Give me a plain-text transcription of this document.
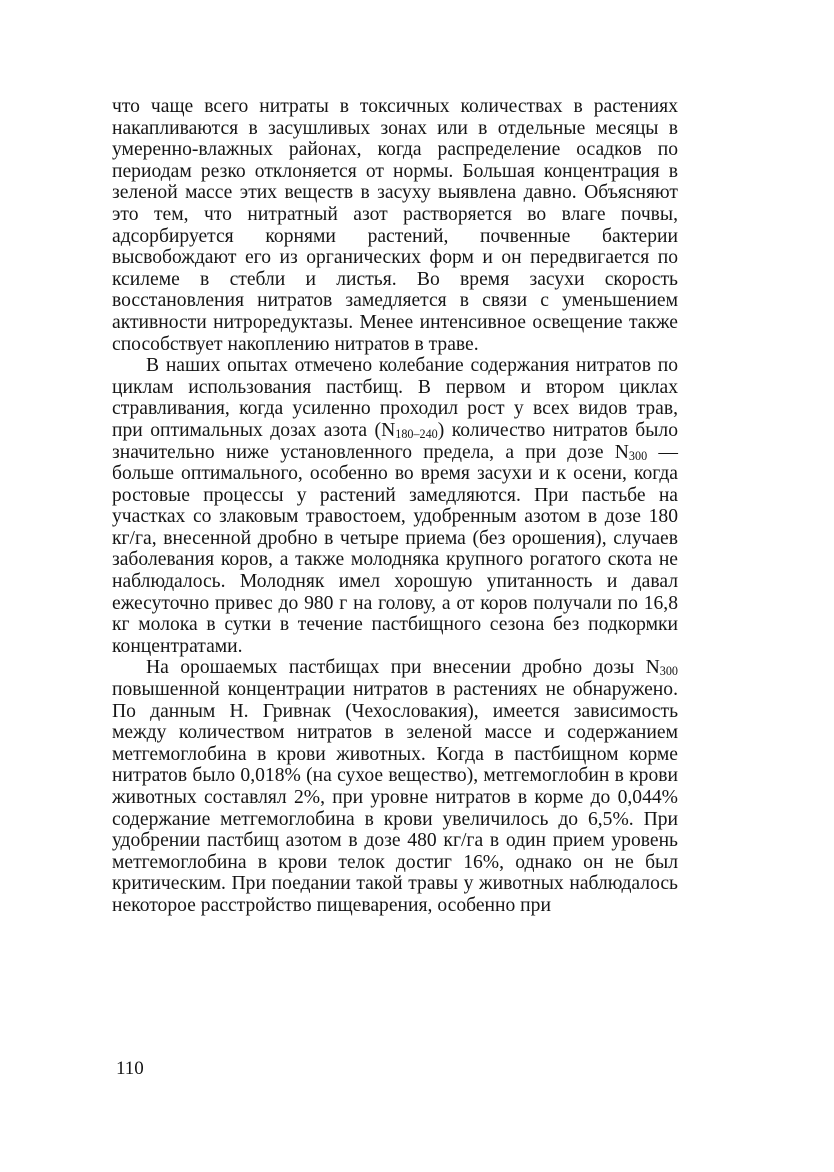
что чаще всего нитраты в токсичных количествах в растениях накапливаются в засушливых зонах или в отдельные месяцы в умеренно-влажных районах, когда распределение осадков по периодам резко отклоняется от нормы. Большая концентрация в зеленой массе этих веществ в засуху выявлена давно. Объясняют это тем, что нитратный азот растворяется во влаге почвы, адсорбируется корнями растений, почвенные бактерии высвобождают его из органических форм и он передвигается по ксилеме в стебли и листья. Во время засухи скорость восстановления нитратов замедляется в связи с уменьшением активности нитроредуктазы. Менее интенсивное освещение также способствует накоплению нитратов в траве.

В наших опытах отмечено колебание содержания нитратов по циклам использования пастбищ. В первом и втором циклах стравливания, когда усиленно проходил рост у всех видов трав, при оптимальных дозах азота $(N_{180-240})$ количество нитратов было значительно ниже установленного предела, а при дозе $N_{300}$ — больше оптимального, особенно во время засухи и к осени, когда ростовые процессы у растений замедляются. При пастьбе на участках со злаковым травостоем, удобренным азотом в дозе 180 кг/га, внесенной дробно в четыре приема (без орошения), случаев заболевания коров, а также молодняка крупного рогатого скота не наблюдалось. Молодняк имел хорошую упитанность и давал ежесуточно привес до 980 г на голову, а от коров получали по 16,8 кг молока в сутки в течение пастбищного сезона без подкормки концентратами.

На орошаемых пастбищах при внесении дробно дозы $N_{300}$ повышенной концентрации нитратов в растениях не обнаружено. По данным Н. Гривнак (Чехословакия), имеется зависимость между количеством нитратов в зеленой массе и содержанием метгемоглобина в крови животных. Когда в пастбищном корме нитратов было 0,018% (на сухое вещество), метгемоглобин в крови животных составлял 2%, при уровне нитратов в корме до 0,044% содержание метгемоглобина в крови увеличилось до 6,5%. При удобрении пастбищ азотом в дозе 480 кг/га в один прием уровень метгемоглобина в крови телок достиг 16%, однако он не был критическим. При поедании такой травы у животных наблюдалось некоторое расстройство пищеварения, особенно при

110
